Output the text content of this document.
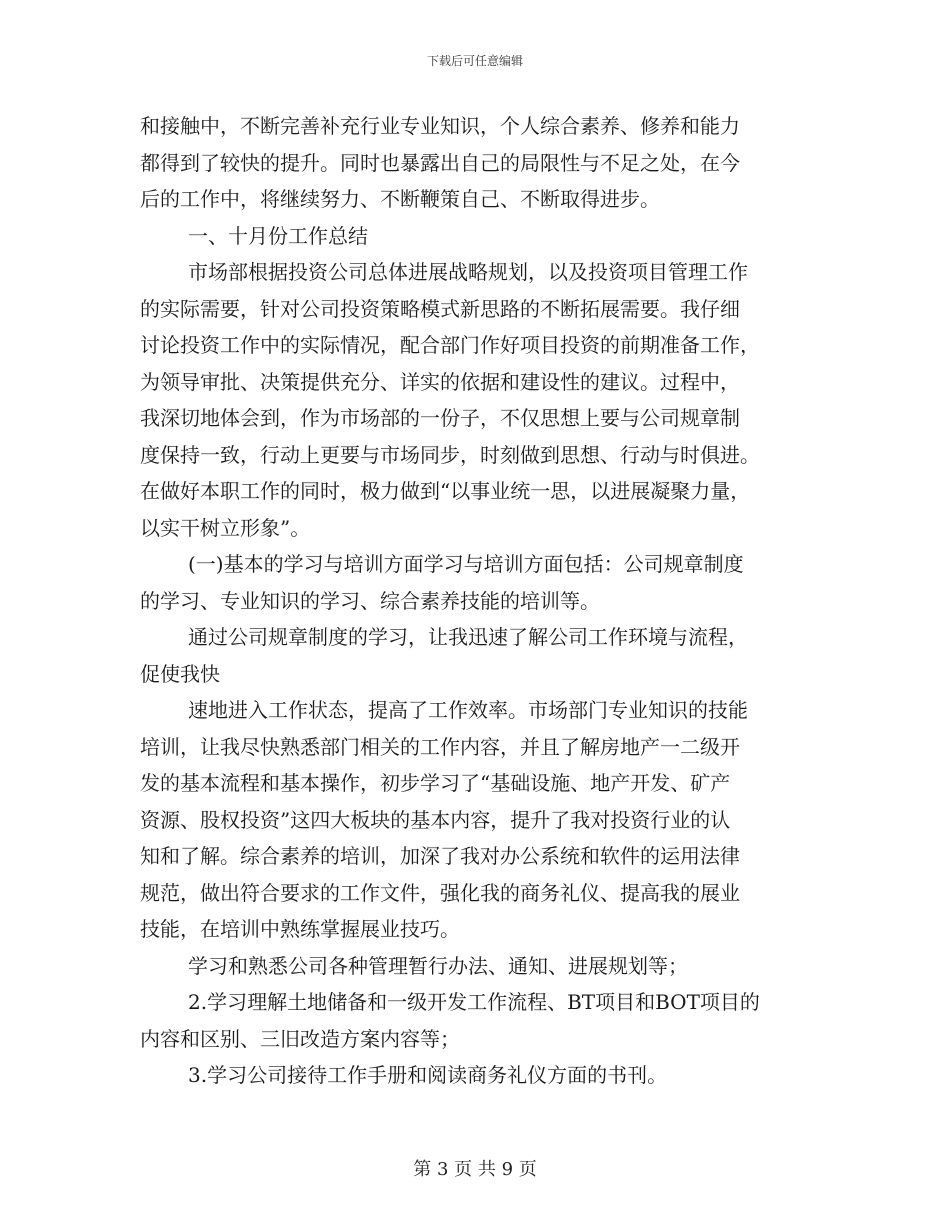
下载后可任意编辑

和接触中，不断完善补充行业专业知识，个人综合素养、修养和能力

都得到了较快的提升。同时也暴露出自己的局限性与不足之处，在今

后的工作中，将继续努力、不断鞭策自己、不断取得进步。

一、十月份工作总结

市场部根据投资公司总体进展战略规划，以及投资项目管理工作

的实际需要，针对公司投资策略模式新思路的不断拓展需要。我仔细

讨论投资工作中的实际情况，配合部门作好项目投资的前期准备工作，

为领导审批、决策提供充分、详实的依据和建设性的建议。过程中，

我深切地体会到，作为市场部的一份子，不仅思想上要与公司规章制

度保持一致，行动上更要与市场同步，时刻做到思想、行动与时俱进。

在做好本职工作的同时，极力做到“以事业统一思，以进展凝聚力量，

以实干树立形象”。

(一)基本的学习与培训方面学习与培训方面包括：公司规章制度

的学习、专业知识的学习、综合素养技能的培训等。

通过公司规章制度的学习，让我迅速了解公司工作环境与流程，

促使我快

速地进入工作状态，提高了工作效率。市场部门专业知识的技能

培训，让我尽快熟悉部门相关的工作内容，并且了解房地产一二级开

发的基本流程和基本操作，初步学习了“基础设施、地产开发、矿产

资源、股权投资”这四大板块的基本内容，提升了我对投资行业的认

知和了解。综合素养的培训，加深了我对办公系统和软件的运用法律

规范，做出符合要求的工作文件，强化我的商务礼仪、提高我的展业

技能，在培训中熟练掌握展业技巧。

学习和熟悉公司各种管理暂行办法、通知、进展规划等；

2.学习理解土地储备和一级开发工作流程、BT项目和BOT项目的

内容和区别、三旧改造方案内容等；

3.学习公司接待工作手册和阅读商务礼仪方面的书刊。

第 3 页 共 9 页
